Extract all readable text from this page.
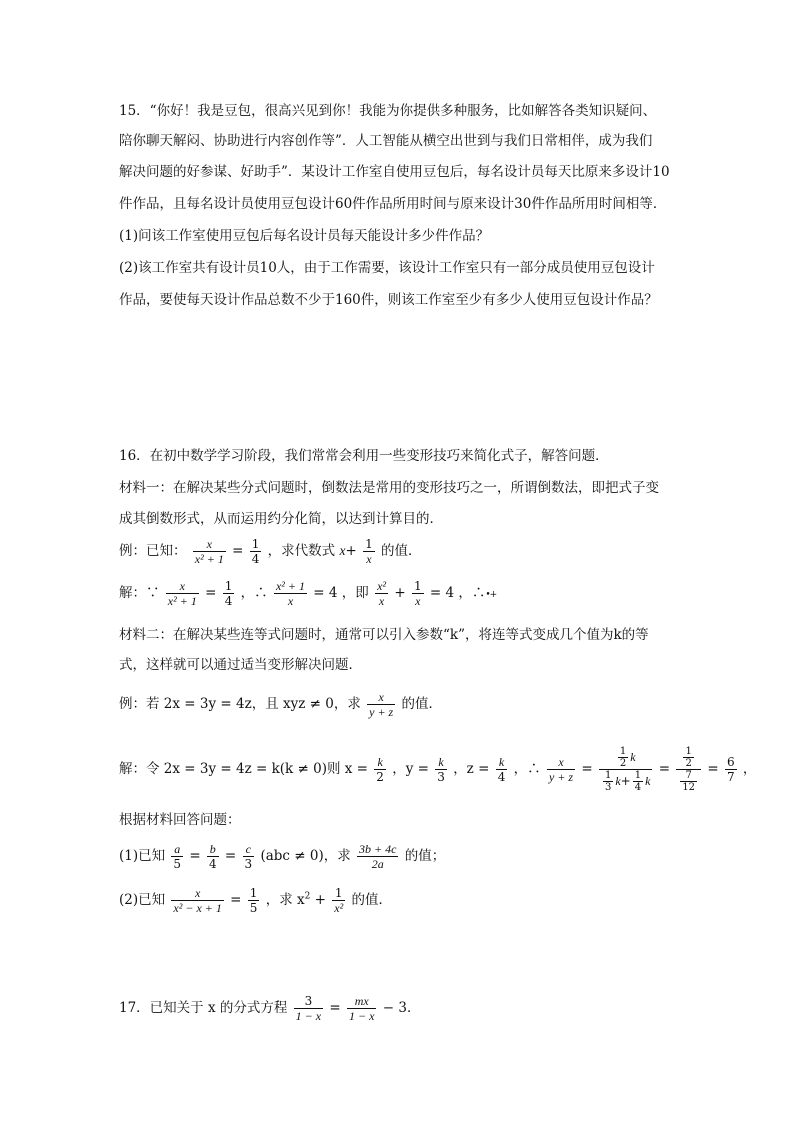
15．“你好！我是豆包，很高兴见到你！我能为你提供多种服务，比如解答各类知识疑问、
陪你聊天解闷、协助进行内容创作等”．人工智能从横空出世到与我们日常相伴，成为我们
解决问题的好参谋、好助手”．某设计工作室自使用豆包后，每名设计员每天比原来多设计10
件作品，且每名设计员使用豆包设计60件作品所用时间与原来设计30件作品所用时间相等．
(1)问该工作室使用豆包后每名设计员每天能设计多少件作品？
(2)该工作室共有设计员10人，由于工作需要，该设计工作室只有一部分成员使用豆包设计
作品，要使每天设计作品总数不少于160件，则该工作室至少有多少人使用豆包设计作品？
16．在初中数学学习阶段，我们常常会利用一些变形技巧来简化式子，解答问题．
材料一：在解决某些分式问题时，倒数法是常用的变形技巧之一，所谓倒数法，即把式子变
成其倒数形式，从而运用约分化简，以达到计算目的．
例：已知： $\frac{x}{\text{x² + 1}} = \frac{1}{4}$ ，求代数式 $x+ \frac{1}{x}$ 的值．
解：∵ $\frac{x}{\text{x² + 1}} = \frac{1}{4}$ ，∴ $\frac{\text{x² + 1}}{x} = 4$ ，即 $\frac{\text{x²}}{x} + \frac{1}{x} = 4$ ，∴•+
材料二：在解决某些连等式问题时，通常可以引入参数“k”，将连等式变成几个值为k的等
式，这样就可以通过适当变形解决问题．
例：若 2x = 3y = 4z，且 xyz ≠ 0，求 $\frac{x}{y + z}$ 的值．
解：令 2x = 3y = 4z = k(k ≠ 0)则 $x = \frac{k}{2}$ ，$y = \frac{k}{3}$ ，$z = \frac{k}{4}$ ，∴ $\frac{x}{y + z} = \frac{\frac{1}{2} k}{\frac{1}{3} k+ \frac{1}{4} k} = \frac{\frac{1}{2}}{\frac{7}{12}} = \frac{6}{7}$ ，
根据材料回答问题：
(1)已知 $\frac{a}{5} = \frac{b}{4} = \frac{c}{3} (abc \ne 0)$，求 $\frac{3b + 4c}{2a}$ 的值；
(2)已知 $\frac{x}{\text{x² − x + 1}} = \frac{1}{5}$ ，求 $x^2 + \frac{1}{\text{x²}}$ 的值．
17．已知关于 x 的分式方程 $\frac{3}{1 - x} = \frac{mx}{1 - x} - 3$．
